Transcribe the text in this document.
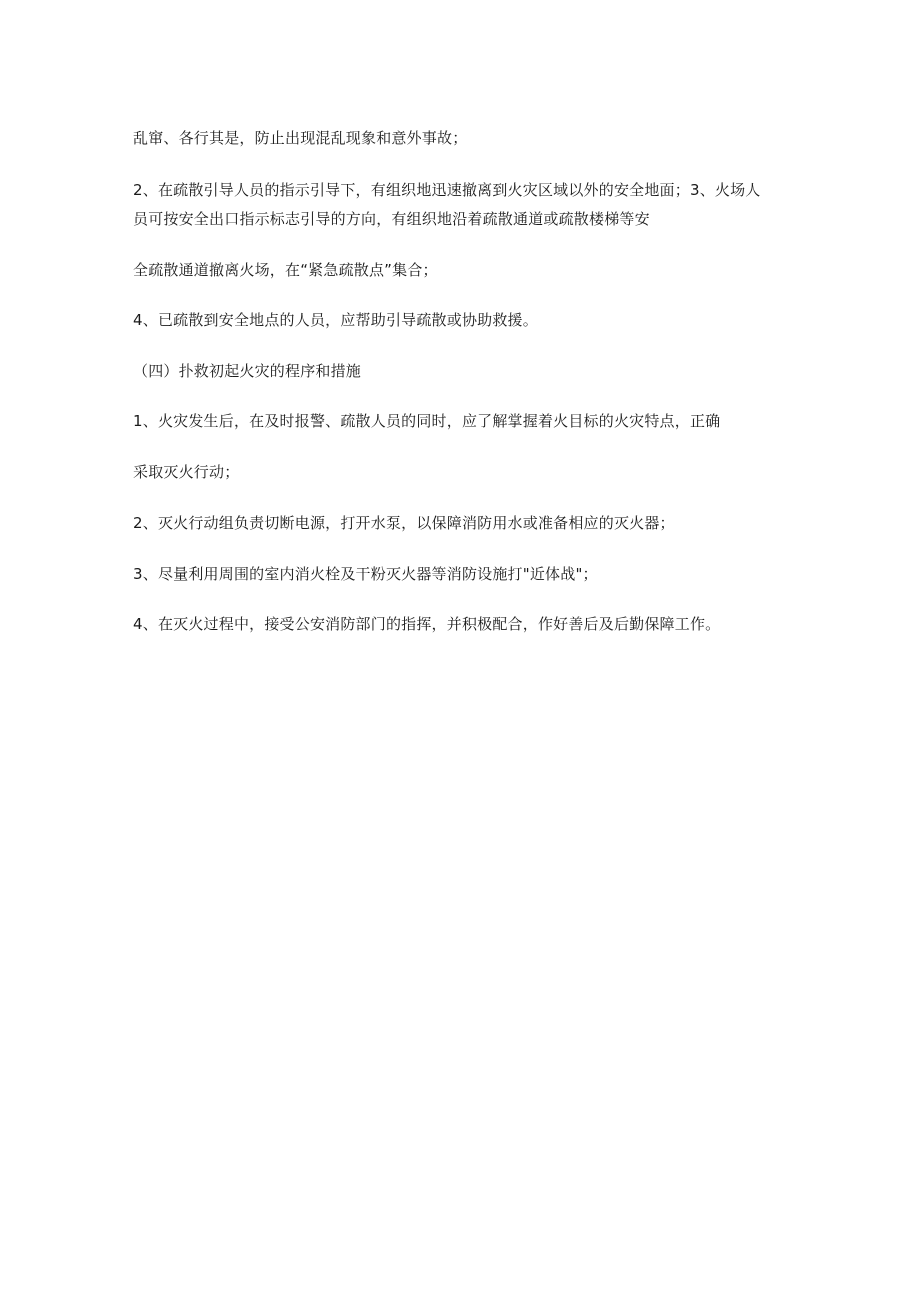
乱窜、各行其是，防止出现混乱现象和意外事故；
2、在疏散引导人员的指示引导下，有组织地迅速撤离到火灾区域以外的安全地面；3、火场人
员可按安全出口指示标志引导的方向，有组织地沿着疏散通道或疏散楼梯等安
全疏散通道撤离火场，在“紧急疏散点”集合；
4、已疏散到安全地点的人员，应帮助引导疏散或协助救援。
（四）扑救初起火灾的程序和措施
1、火灾发生后，在及时报警、疏散人员的同时，应了解掌握着火目标的火灾特点，正确
采取灭火行动；
2、灭火行动组负责切断电源，打开水泵，以保障消防用水或准备相应的灭火器；
3、尽量利用周围的室内消火栓及干粉灭火器等消防设施打"近体战"；
4、在灭火过程中，接受公安消防部门的指挥，并积极配合，作好善后及后勤保障工作。
